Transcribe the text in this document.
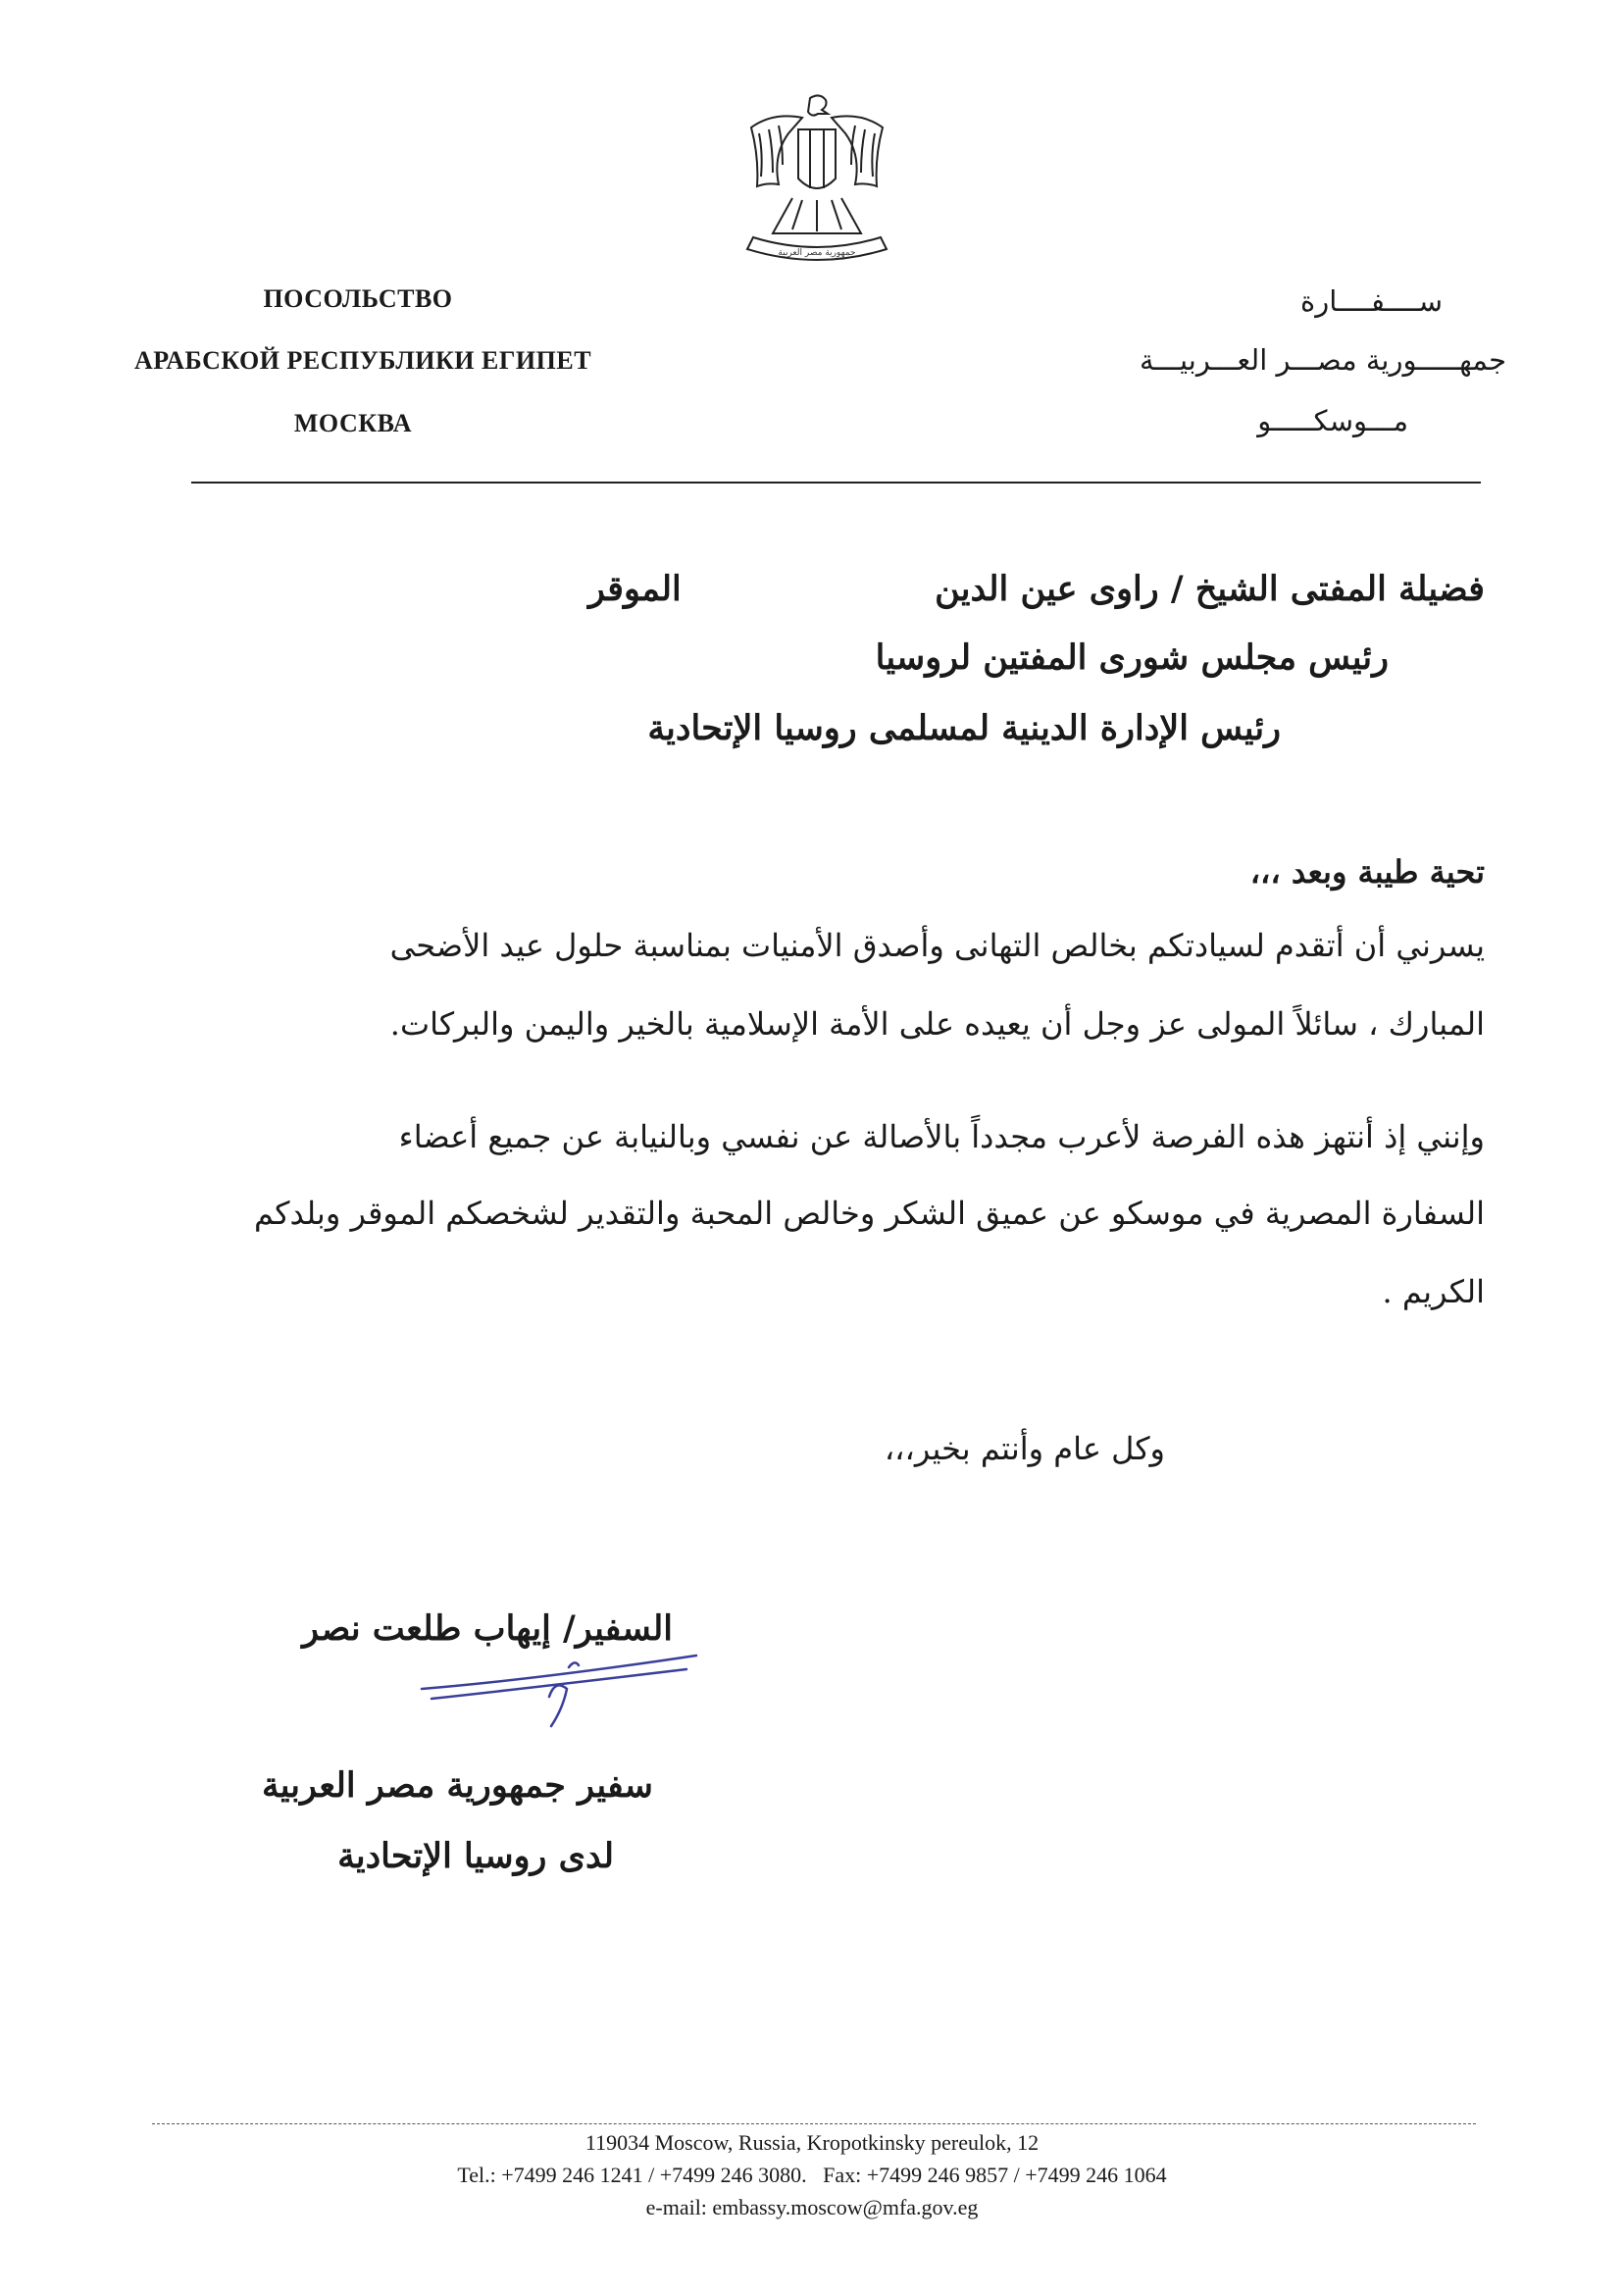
جمهورية مصر العربية
ПОСОЛЬСТВО
АРАБСКОЙ РЕСПУБЛИКИ ЕГИПЕТ
МОСКВА
ســــفــــارة
جمهـــــورية مصـــر العـــربيـــة
مـــوسكـــــو
فضيلة المفتى الشيخ / راوى عين الدين
الموقر
رئيس مجلس شورى المفتين لروسيا
رئيس الإدارة الدينية لمسلمى روسيا الإتحادية
تحية طيبة وبعد ،،،
يسرني أن أتقدم لسيادتكم بخالص التهانى وأصدق الأمنيات بمناسبة حلول عيد الأضحى
المبارك ، سائلاً المولى عز وجل أن يعيده على الأمة الإسلامية بالخير واليمن والبركات.
وإنني إذ أنتهز هذه الفرصة لأعرب مجدداً بالأصالة عن نفسي وبالنيابة عن جميع أعضاء
السفارة المصرية في موسكو عن عميق الشكر وخالص المحبة والتقدير لشخصكم الموقر وبلدكم
الكريم .
وكل عام وأنتم بخير،،،
السفير/ إيهاب طلعت نصر
سفير جمهورية مصر العربية
لدى روسيا الإتحادية
119034 Moscow, Russia, Kropotkinsky pereulok, 12
Tel.: +7499 246 1241 / +7499 246 3080.   Fax: +7499 246 9857 / +7499 246 1064
e-mail: embassy.moscow@mfa.gov.eg
